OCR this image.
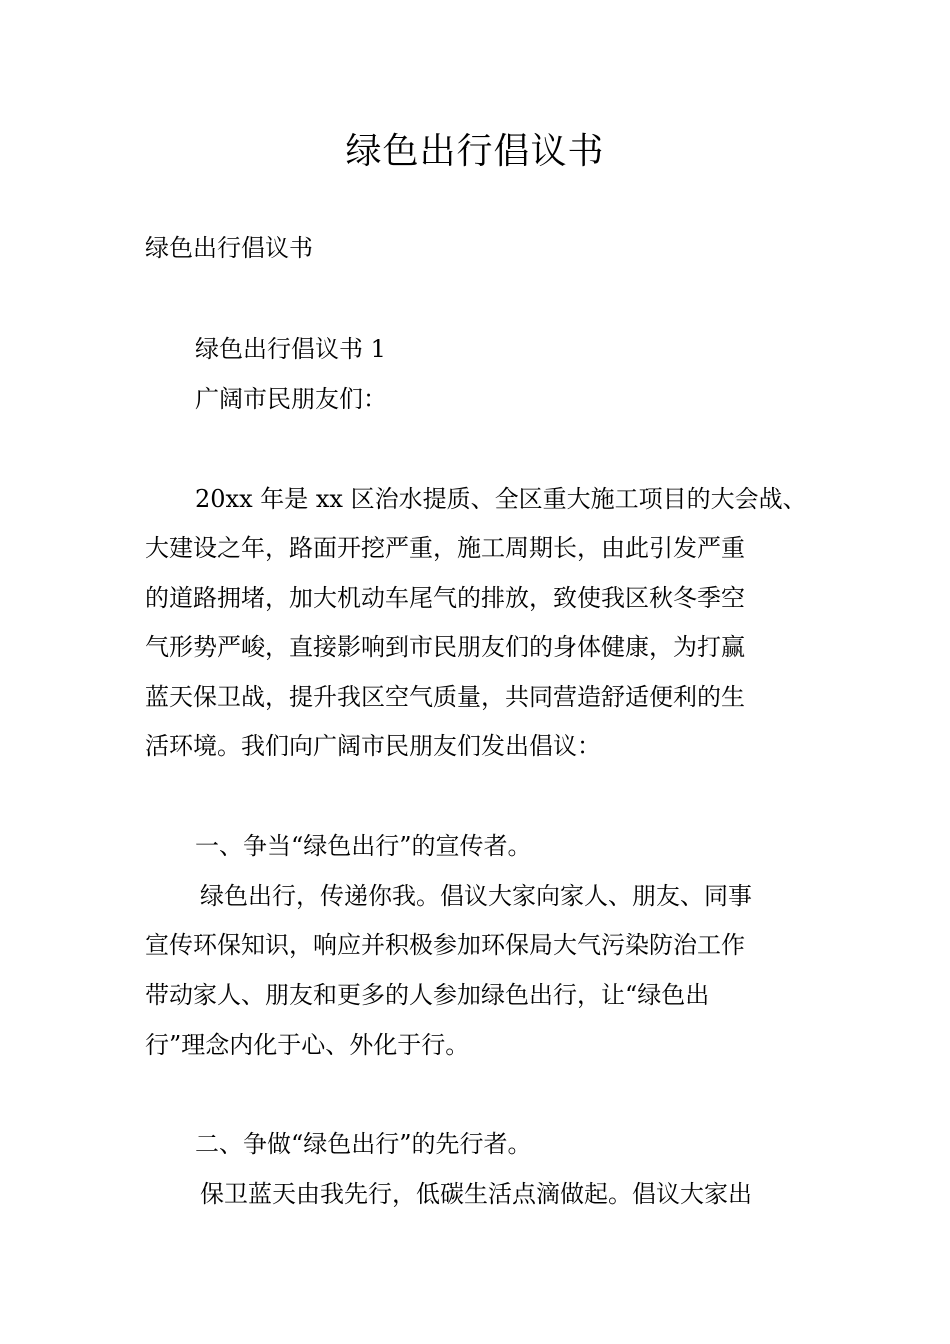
绿色出行倡议书

绿色出行倡议书

绿色出行倡议书 1

广阔市民朋友们：

20xx 年是 xx 区治水提质、全区重大施工项目的大会战、

大建设之年，路面开挖严重，施工周期长，由此引发严重

的道路拥堵，加大机动车尾气的排放，致使我区秋冬季空

气形势严峻，直接影响到市民朋友们的身体健康，为打赢

蓝天保卫战，提升我区空气质量，共同营造舒适便利的生

活环境。我们向广阔市民朋友们发出倡议：

一、争当“绿色出行”的宣传者。

绿色出行，传递你我。倡议大家向家人、朋友、同事

宣传环保知识，响应并积极参加环保局大气污染防治工作

带动家人、朋友和更多的人参加绿色出行，让“绿色出

行”理念内化于心、外化于行。

二、争做“绿色出行”的先行者。

保卫蓝天由我先行，低碳生活点滴做起。倡议大家出
